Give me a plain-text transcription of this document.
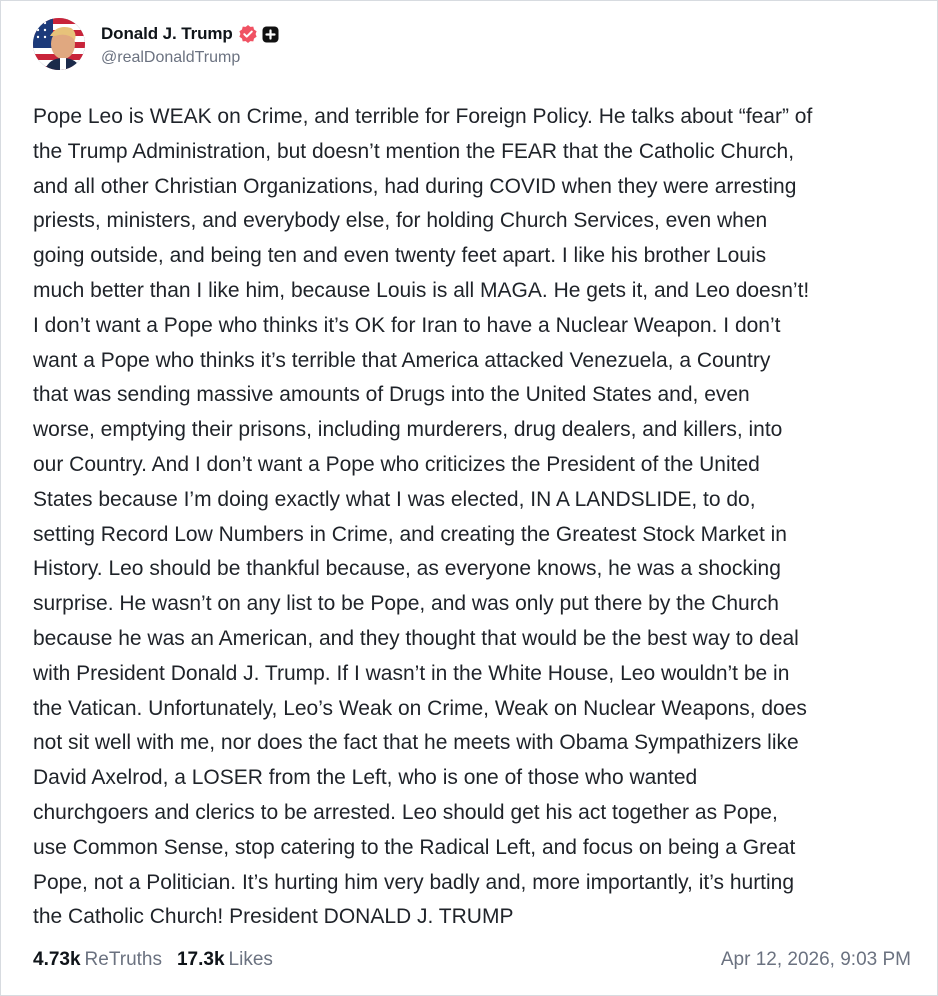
Donald J. Trump
@realDonaldTrump

Pope Leo is WEAK on Crime, and terrible for Foreign Policy. He talks about “fear” of
the Trump Administration, but doesn’t mention the FEAR that the Catholic Church,
and all other Christian Organizations, had during COVID when they were arresting
priests, ministers, and everybody else, for holding Church Services, even when
going outside, and being ten and even twenty feet apart. I like his brother Louis
much better than I like him, because Louis is all MAGA. He gets it, and Leo doesn’t!
I don’t want a Pope who thinks it’s OK for Iran to have a Nuclear Weapon. I don’t
want a Pope who thinks it’s terrible that America attacked Venezuela, a Country
that was sending massive amounts of Drugs into the United States and, even
worse, emptying their prisons, including murderers, drug dealers, and killers, into
our Country. And I don’t want a Pope who criticizes the President of the United
States because I’m doing exactly what I was elected, IN A LANDSLIDE, to do,
setting Record Low Numbers in Crime, and creating the Greatest Stock Market in
History. Leo should be thankful because, as everyone knows, he was a shocking
surprise. He wasn’t on any list to be Pope, and was only put there by the Church
because he was an American, and they thought that would be the best way to deal
with President Donald J. Trump. If I wasn’t in the White House, Leo wouldn’t be in
the Vatican. Unfortunately, Leo’s Weak on Crime, Weak on Nuclear Weapons, does
not sit well with me, nor does the fact that he meets with Obama Sympathizers like
David Axelrod, a LOSER from the Left, who is one of those who wanted
churchgoers and clerics to be arrested. Leo should get his act together as Pope,
use Common Sense, stop catering to the Radical Left, and focus on being a Great
Pope, not a Politician. It’s hurting him very badly and, more importantly, it’s hurting
the Catholic Church! President DONALD J. TRUMP

4.73k ReTruths 17.3k Likes	Apr 12, 2026, 9:03 PM
